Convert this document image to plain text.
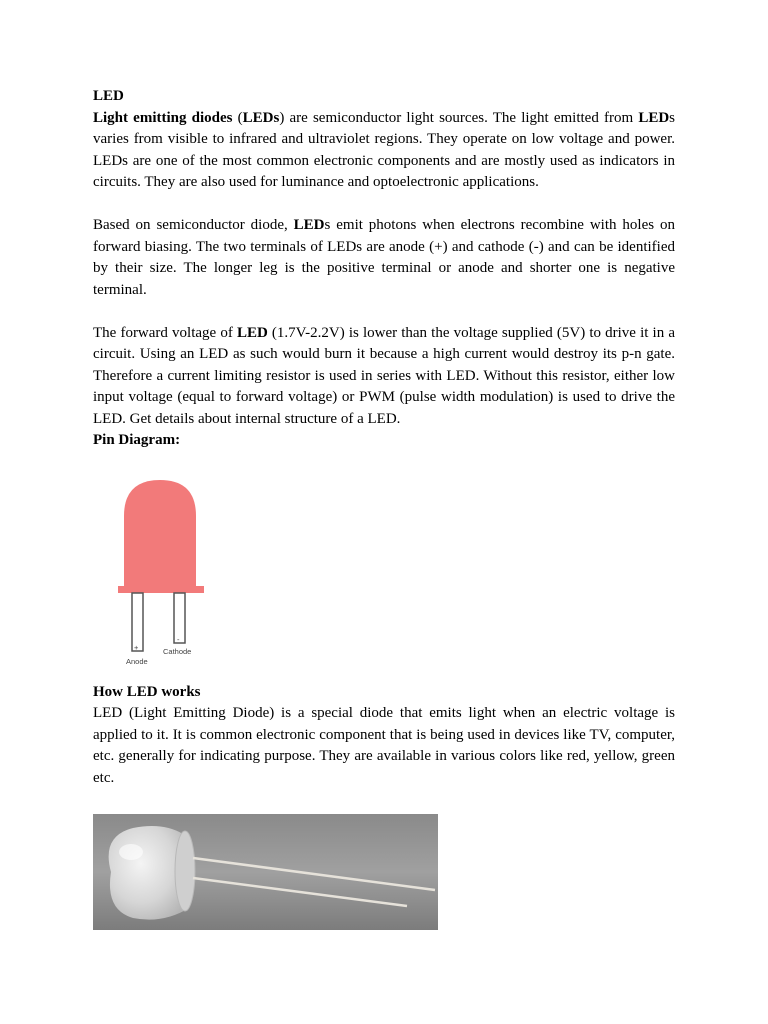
LED

Light emitting diodes (LEDs) are semiconductor light sources. The light emitted from LEDs varies from visible to infrared and ultraviolet regions. They operate on low voltage and power. LEDs are one of the most common electronic components and are mostly used as indicators in circuits. They are also used for luminance and optoelectronic applications.

Based on semiconductor diode, LEDs emit photons when electrons recombine with holes on forward biasing. The two terminals of LEDs are anode (+) and cathode (-) and can be identified by their size. The longer leg is the positive terminal or anode and shorter one is negative terminal.

The forward voltage of LED (1.7V-2.2V) is lower than the voltage supplied (5V) to drive it in a circuit. Using an LED as such would burn it because a high current would destroy its p-n gate. Therefore a current limiting resistor is used in series with LED. Without this resistor, either low input voltage (equal to forward voltage) or PWM (pulse width modulation) is used to drive the LED. Get details about internal structure of a LED.

Pin Diagram:

How LED works

LED (Light Emitting Diode) is a special diode that emits light when an electric voltage is applied to it. It is common electronic component that is being used in devices like TV, computer, etc. generally for indicating purpose. They are available in various colors like red, yellow, green etc.

+
-
Cathode
Anode
